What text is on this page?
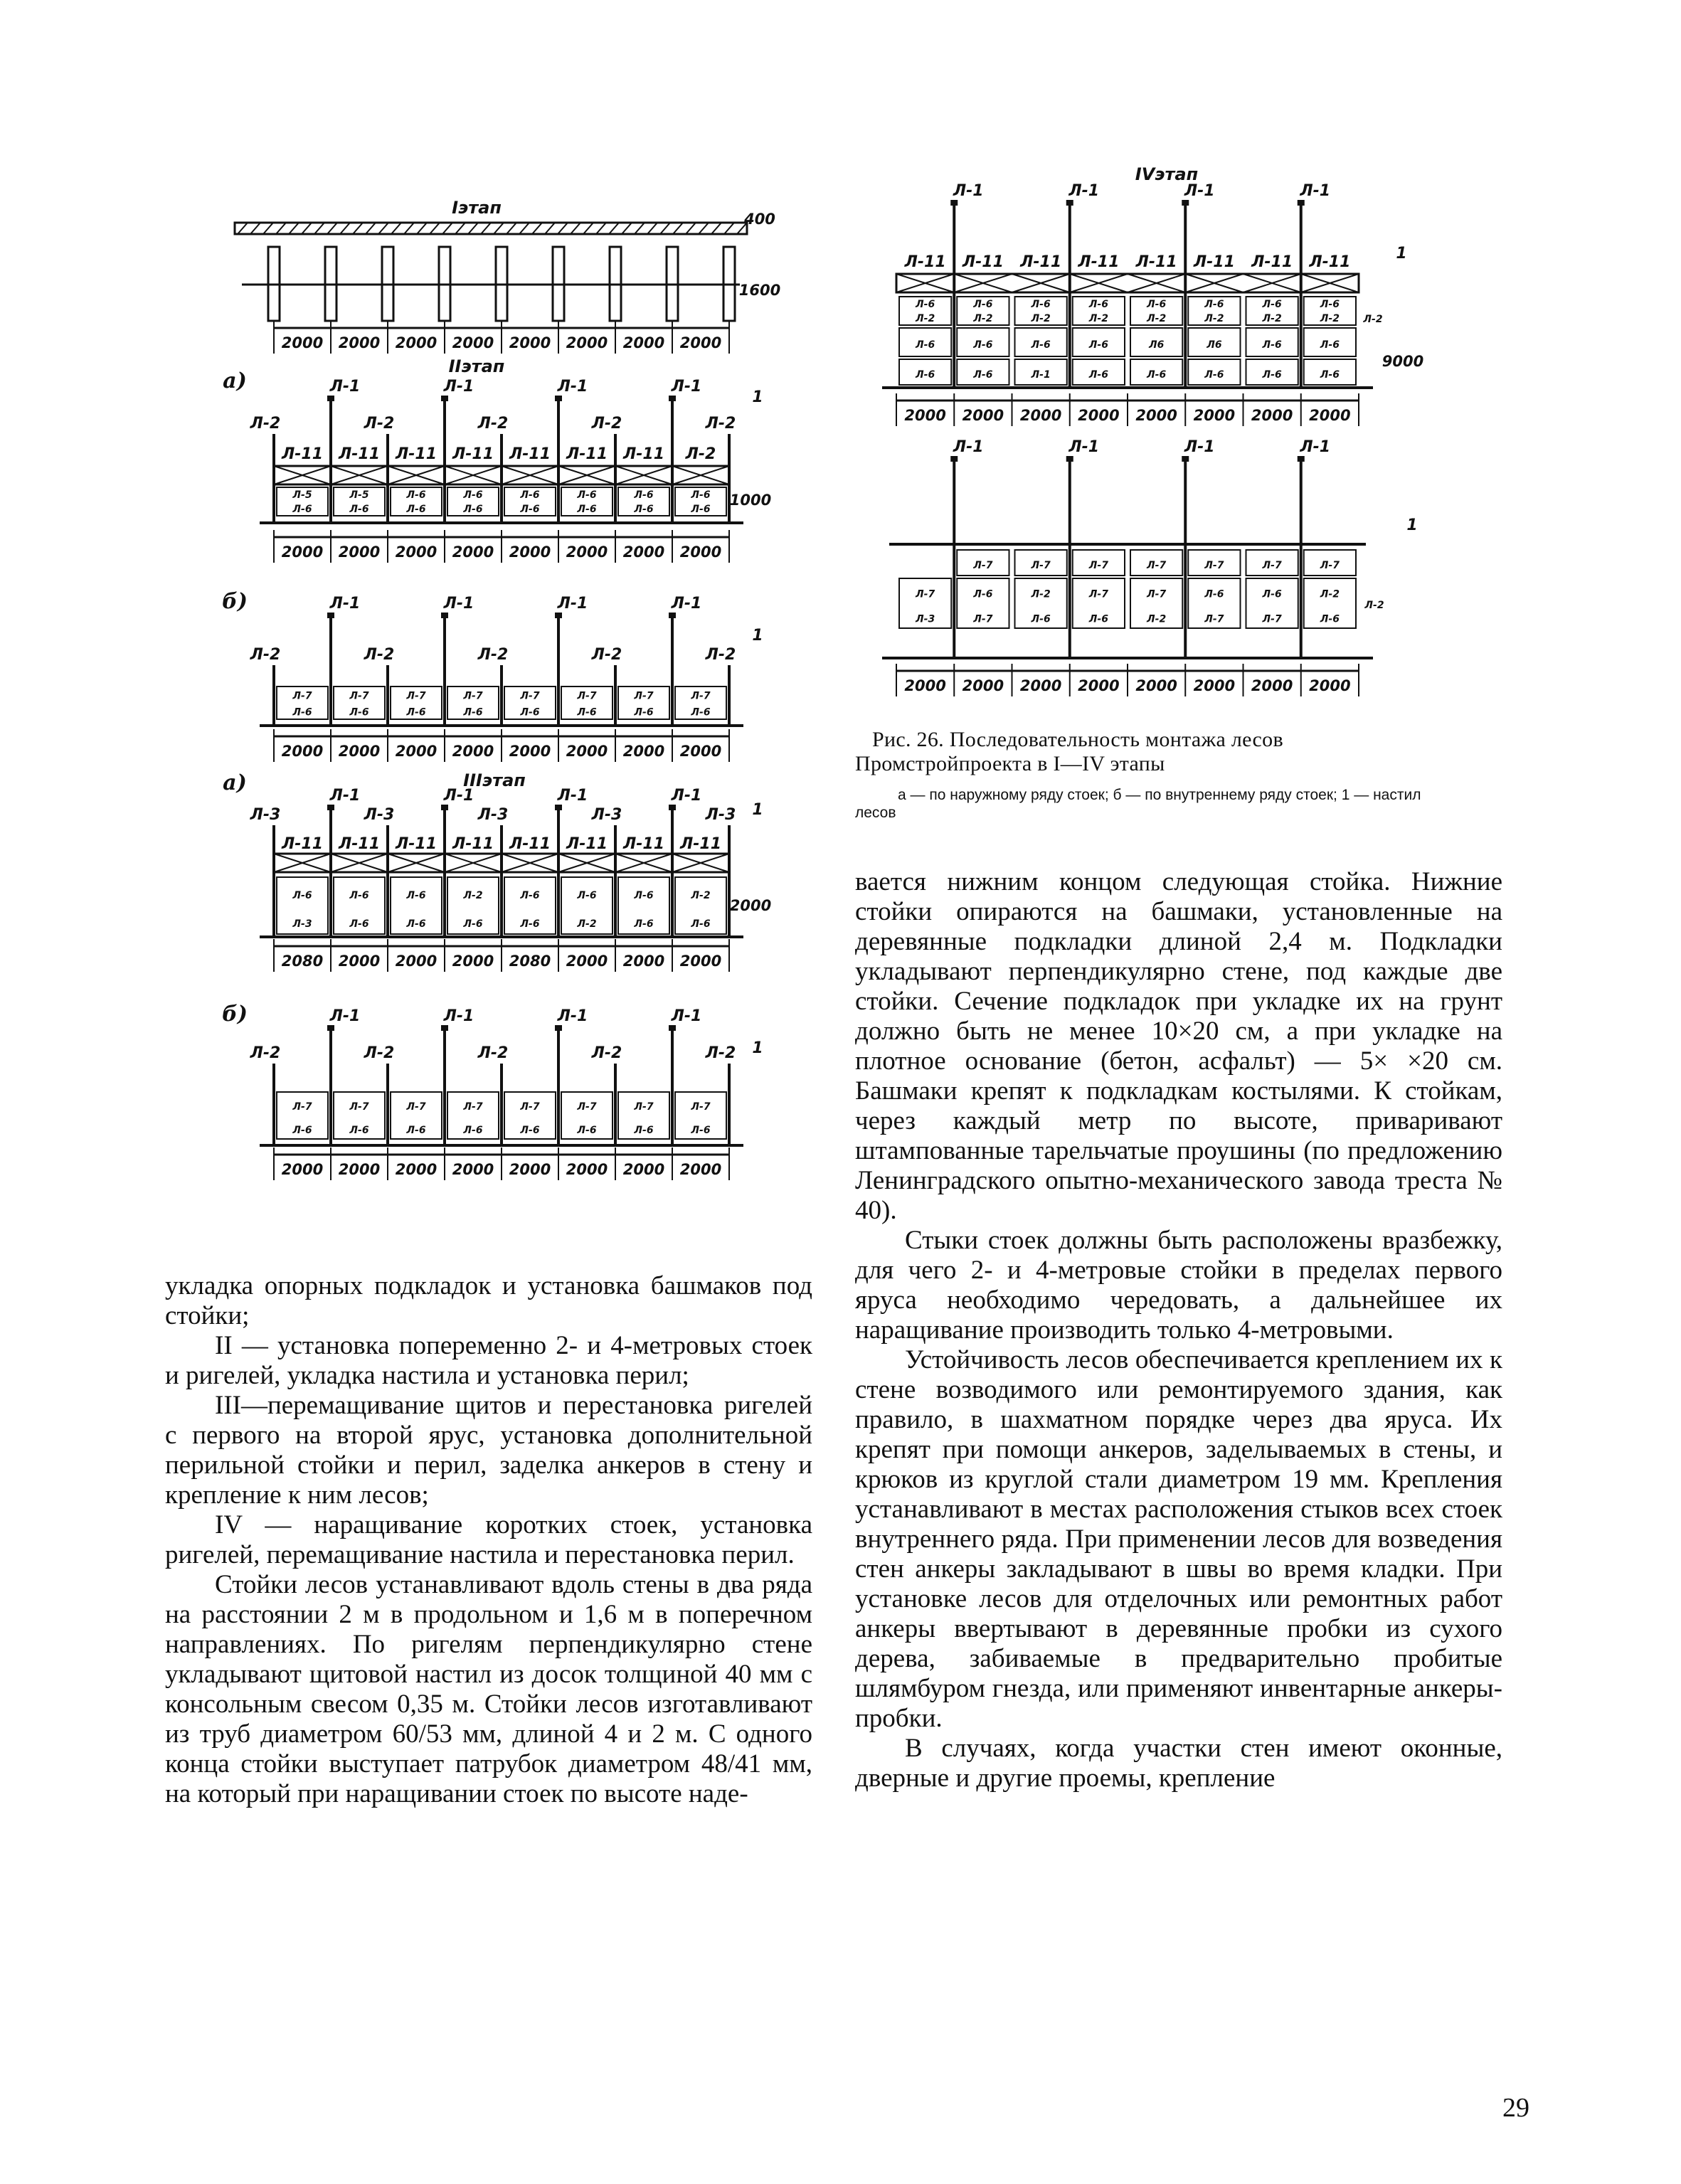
Iэтап
400
1600
2000 2000 2000 2000 2000 2000 2000 2000
а)
IIэтап
Л-2
Л-1
Л-2
Л-1
Л-2
Л-1
Л-2
Л-1
Л-2
Л-11 Л-11 Л-11 Л-11 Л-11 Л-11 Л-11 Л-2
Л-5
Л-6
Л-5
Л-6
Л-6
Л-6
Л-6
Л-6
Л-6
Л-6
Л-6
Л-6
Л-6
Л-6
Л-6
Л-6
1
1000
2000 2000 2000 2000 2000 2000 2000 2000
б)
Л-2
Л-1
Л-2
Л-1
Л-2
Л-1
Л-2
Л-1
Л-2
Л-7
Л-6
Л-7
Л-6
Л-7
Л-6
Л-7
Л-6
Л-7
Л-6
Л-7
Л-6
Л-7
Л-6
Л-7
Л-6
1
2000 2000 2000 2000 2000 2000 2000 2000
а)	IIIэтап
Л-3
Л-1
Л-3
Л-1
Л-3
Л-1
Л-3
Л-1
Л-3
Л-11 Л-11 Л-11 Л-11 Л-11 Л-11 Л-11 Л-11
Л-6
Л-3
Л-6
Л-6
Л-6
Л-6
Л-2
Л-6
Л-6
Л-6
Л-6
Л-2
Л-6
Л-6
Л-2
Л-6
1
2000
2080 2000 2000 2000 2080 2000 2000 2000
б)
Л-2
Л-1
Л-2
Л-1
Л-2
Л-1
Л-2
Л-1
Л-2
Л-7
Л-6
Л-7
Л-6
Л-7
Л-6
Л-7
Л-6
Л-7
Л-6
Л-7
Л-6
Л-7
Л-6
Л-7
Л-6
1
2000 2000 2000 2000 2000 2000 2000 2000
IVэтап
Л-1	Л-1	Л-1	Л-1
Л-11 Л-11 Л-11 Л-11 Л-11 Л-11 Л-11 Л-11
Л-6
Л-2
Л-6
Л-2
Л-6
Л-2
Л-6
Л-2
Л-6
Л-2
Л-6
Л-2
Л-6
Л-2
Л-6
Л-2
Л-6
Л-6
Л-6
Л-6
Л-6
Л-1
Л-6
Л-6
Л6
Л-6
Л6
Л-6
Л-6
Л-6
Л-6
Л-6
Л-2
1
9000
2000 2000 2000 2000 2000 2000 2000 2000
Л-1	Л-1	Л-1	Л-1
Л-7
Л-3
Л-6
Л-7
Л-2
Л-6
Л-7
Л-6
Л-7
Л-2
Л-6
Л-7
Л-6
Л-7
Л-2
Л-6
Л-7	Л-7	Л-7	Л-7	Л-7	Л-7	Л-7
Л-2
1
2000 2000 2000 2000 2000 2000 2000 2000

Рис. 26. Последовательность монтажа лесов Промстройпроекта в I—IV этапы

а — по наружному ряду стоек; б — по внутреннему ряду стоек; 1 — настил лесов

укладка опорных подкладок и установка башмаков под стойки;

II — установка попеременно 2- и 4-метровых стоек и ригелей, укладка настила и установка перил;

III—перемащивание щитов и перестановка ригелей с первого на второй ярус, установка дополнительной перильной стойки и перил, заделка анкеров в стену и крепление к ним лесов;

IV — наращивание коротких стоек, установка ригелей, перемащивание настила и перестановка перил.

Стойки лесов устанавливают вдоль стены в два ряда на расстоянии 2 м в продольном и 1,6 м в поперечном направлениях. По ригелям перпендикулярно стене укладывают щитовой настил из досок толщиной 40 мм с консольным свесом 0,35 м. Стойки лесов изготавливают из труб диаметром 60/53 мм, длиной 4 и 2 м. С одного конца стойки выступает патрубок диаметром 48/41 мм, на который при наращивании стоек по высоте наде-

вается нижним концом следующая стойка. Нижние стойки опираются на башмаки, установленные на деревянные подкладки длиной 2,4 м. Подкладки укладывают перпендикулярно стене, под каждые две стойки. Сечение подкладок при укладке их на грунт должно быть не менее 10×20 см, а при укладке на плотное основание (бетон, асфальт) — 5× ×20 см. Башмаки крепят к подкладкам костылями. К стойкам, через каждый метр по высоте, приваривают штампованные тарельчатые проушины (по предложению Ленинградского опытно-механического завода треста № 40).

Стыки стоек должны быть расположены вразбежку, для чего 2- и 4-метровые стойки в пределах первого яруса необходимо чередовать, а дальнейшее их наращивание производить только 4-метровыми.

Устойчивость лесов обеспечивается креплением их к стене возводимого или ремонтируемого здания, как правило, в шахматном порядке через два яруса. Их крепят при помощи анкеров, заделываемых в стены, и крюков из круглой стали диаметром 19 мм. Крепления устанавливают в местах расположения стыков всех стоек внутреннего ряда. При применении лесов для возведения стен анкеры закладывают в швы во время кладки. При установке лесов для отделочных или ремонтных работ анкеры ввертывают в деревянные пробки из сухого дерева, забиваемые в предварительно пробитые шлямбуром гнезда, или применяют инвентарные анкеры-пробки.

В случаях, когда участки стен имеют оконные, дверные и другие проемы, крепление

29
